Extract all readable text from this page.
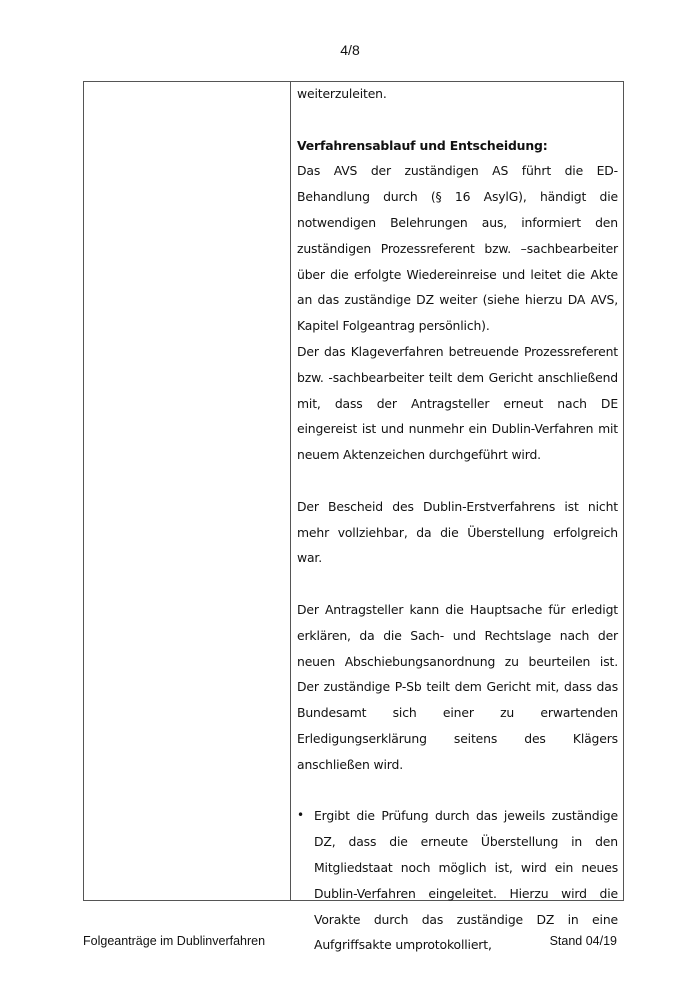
4/8

weiterzuleiten.

Verfahrensablauf und Entscheidung:

Das AVS der zuständigen AS führt die ED-Behandlung durch (§ 16 AsylG), händigt die notwendigen Belehrungen aus, informiert den zuständigen Prozessreferent bzw. –sachbearbeiter über die erfolgte Wiedereinreise und leitet die Akte an das zuständige DZ weiter (siehe hierzu DA AVS, Kapitel Folgeantrag persönlich).

Der das Klageverfahren betreuende Prozessreferent bzw. -sachbearbeiter teilt dem Gericht anschließend mit, dass der Antragsteller erneut nach DE eingereist ist und nunmehr ein Dublin-Verfahren mit neuem Aktenzeichen durchgeführt wird.

Der Bescheid des Dublin-Erstverfahrens ist nicht mehr vollziehbar, da die Überstellung erfolgreich war.

Der Antragsteller kann die Hauptsache für erledigt erklären, da die Sach- und Rechtslage nach der neuen Abschiebungsanordnung zu beurteilen ist. Der zuständige P-Sb teilt dem Gericht mit, dass das Bundesamt sich einer zu erwartenden Erledigungserklärung seitens des Klägers anschließen wird.

• Ergibt die Prüfung durch das jeweils zuständige DZ, dass die erneute Überstellung in den Mitgliedstaat noch möglich ist, wird ein neues Dublin-Verfahren eingeleitet. Hierzu wird die Vorakte durch das zuständige DZ in eine Aufgriffsakte umprotokolliert,

Folgeanträge im Dublinverfahren	Stand 04/19
